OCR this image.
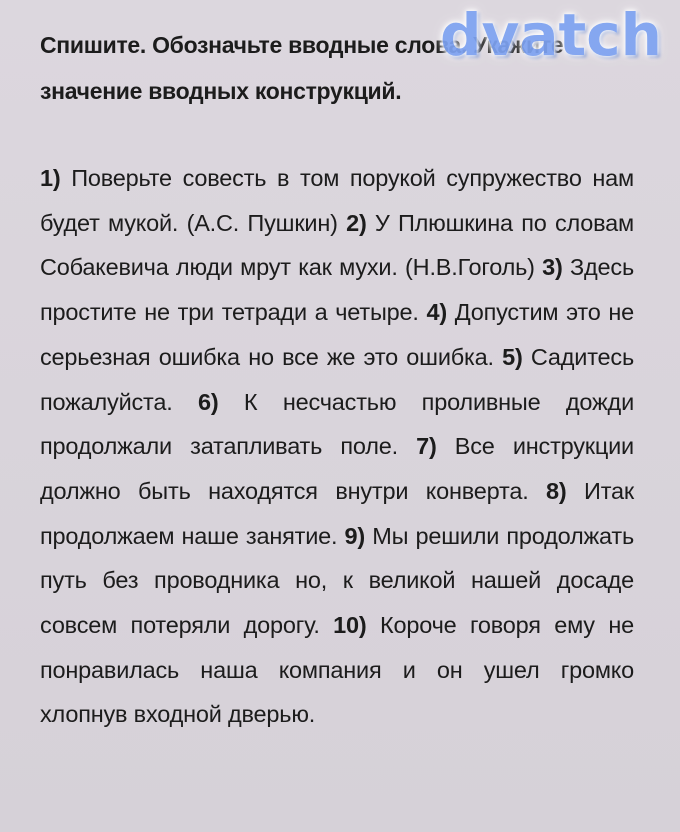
Спишите. Обозначьте вводные слова. Укажите значение вводных конструкций.
1) Поверьте совесть в том порукой супружество нам будет мукой. (А.С. Пушкин) 2) У Плюшкина по словам Собакевича люди мрут как мухи. (Н.В.Гоголь) 3) Здесь простите не три тетради а четыре. 4) Допустим это не серьезная ошибка но все же это ошибка. 5) Садитесь пожалуйста. 6) К несчастью проливные дожди продолжали затапливать поле. 7) Все инструкции должно быть находятся внутри конверта. 8) Итак продолжаем наше занятие. 9) Мы решили продолжать путь без проводника но, к великой нашей досаде совсем потеряли дорогу. 10) Короче говоря ему не понравилась наша компания и он ушел громко хлопнув входной дверью.
dvatch
